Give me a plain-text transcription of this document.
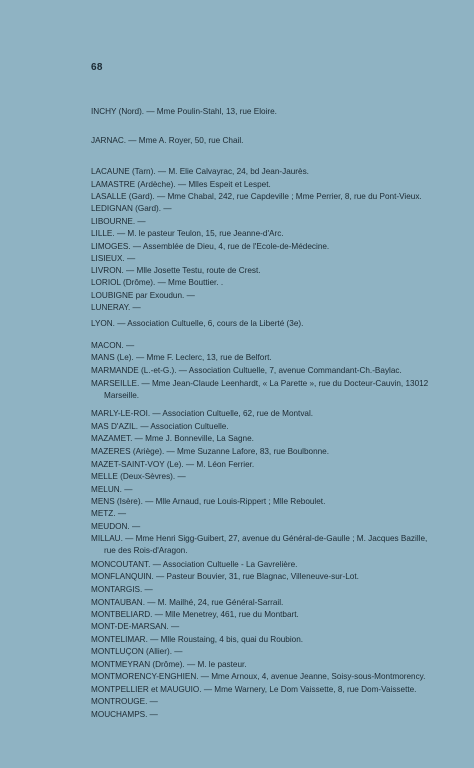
68
INCHY (Nord). — Mme Poulin-Stahl, 13, rue Eloire.
JARNAC. — Mme A. Royer, 50, rue Chail.
LACAUNE (Tarn). — M. Elie Calvayrac, 24, bd Jean-Jaurès.
LAMASTRE (Ardèche). — Mlles Espeit et Lespet.
LASALLE (Gard). — Mme Chabal, 242, rue Capdeville ; Mme Perrier, 8, rue du Pont-Vieux.
LEDIGNAN (Gard). —
LIBOURNE. —
LILLE. — M. le pasteur Teulon, 15, rue Jeanne-d'Arc.
LIMOGES. — Assemblée de Dieu, 4, rue de l'Ecole-de-Médecine.
LISIEUX. —
LIVRON. — Mlle Josette Testu, route de Crest.
LORIOL (Drôme). — Mme Bouttier. .
LOUBIGNE par Exoudun. —
LUNERAY. —
LYON. — Association Cultuelle, 6, cours de la Liberté (3e).
MACON. —
MANS (Le). — Mme F. Leclerc, 13, rue de Belfort.
MARMANDE (L.-et-G.). — Association Cultuelle, 7, avenue Commandant-Ch.-Baylac.
MARSEILLE. — Mme Jean-Claude Leenhardt, « La Parette », rue du Docteur-Cauvin, 13012
Marseille.
MARLY-LE-ROI. — Association Cultuelle, 62, rue de Montval.
MAS D'AZIL. — Association Cultuelle.
MAZAMET. — Mme J. Bonneville, La Sagne.
MAZERES (Ariège). — Mme Suzanne Lafore, 83, rue Boulbonne.
MAZET-SAINT-VOY (Le). — M. Léon Ferrier.
MELLE (Deux-Sèvres). —
MELUN. —
MENS (Isère). — Mlle Arnaud, rue Louis-Rippert ; Mlle Reboulet.
METZ. —
MEUDON. —
MILLAU. — Mme Henri Sigg-Guibert, 27, avenue du Général-de-Gaulle ; M. Jacques Bazille,
rue des Rois-d'Aragon.
MONCOUTANT. — Association Cultuelle - La Gavrelière.
MONFLANQUIN. — Pasteur Bouvier, 31, rue Blagnac, Villeneuve-sur-Lot.
MONTARGIS. —
MONTAUBAN. — M. Mailhé, 24, rue Général-Sarrail.
MONTBELIARD. — Mlle Menetrey, 461, rue du Montbart.
MONT-DE-MARSAN. —
MONTELIMAR. — Mlle Roustaing, 4 bis, quai du Roubion.
MONTLUÇON (Allier). —
MONTMEYRAN (Drôme). — M. le pasteur.
MONTMORENCY-ENGHIEN. — Mme Arnoux, 4, avenue Jeanne, Soisy-sous-Montmorency.
MONTPELLIER et MAUGUIO. — Mme Warnery, Le Dom Vaissette, 8, rue Dom-Vaissette.
MONTROUGE. —
MOUCHAMPS. —
